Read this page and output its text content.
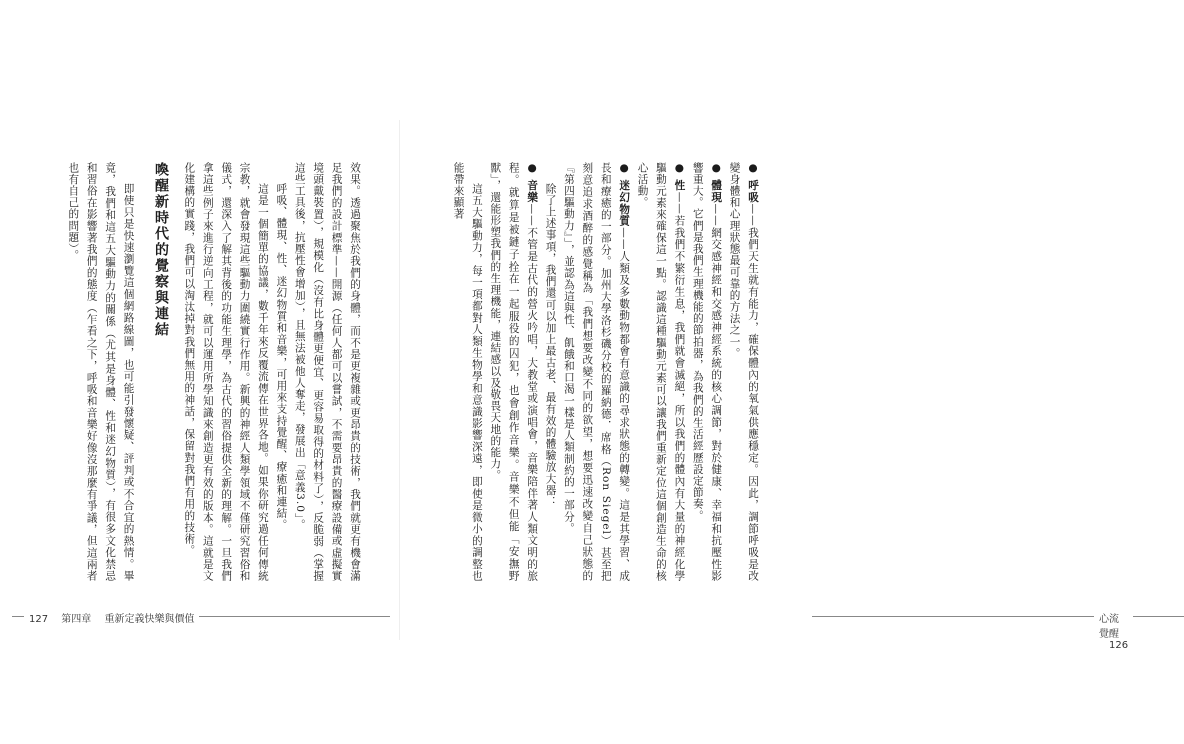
效果。透過聚焦於我們的身體，而不是更複雜或更昂貴的技術，我們就更有機會滿足我們的設計標準——開源（任何人都可以嘗試，不需要昂貴的醫療設備或虛擬實境頭戴裝置），規模化（沒有比身體更便宜、更容易取得的材料了），反脆弱（掌握這些工具後，抗壓性會增加），且無法被他人奪走，發展出「意義3.0」。

呼吸、體現、性、迷幻物質和音樂，可用來支持覺醒、療癒和連結。

這是一個簡單的協議，數千年來反覆流傳在世界各地。如果你研究過任何傳統宗教，就會發現這些驅動力圍繞實行作用。新興的神經人類學領域不僅研究習俗和儀式，還深入了解其背後的功能生理學，為古代的習俗提供全新的理解。一旦我們拿這些例子來進行逆向工程，就可以運用所學知識來創造更有效的版本。這就是文化建構的實踐，我們可以淘汰掉對我們無用的神話，保留對我們有用的技術。

喚醒新時代的覺察與連結

即使只是快速瀏覽這個網路線圖，也可能引發懷疑、評判或不合宜的熱情。畢竟，我們和這五大驅動力的關係（尤其是身體、性和迷幻物質），有很多文化禁忌和習俗在影響著我們的態度（乍看之下，呼吸和音樂好像沒那麼有爭議，但這兩者也有自己的問題）。

127 第四章 重新定義快樂與價值

● 呼吸——我們天生就有能力，確保體內的氧氣供應穩定。因此，調節呼吸是改變身體和心理狀態最可靠的方法之一。

● 體現——網交感神經和交感神經系統的核心調節，對於健康、幸福和抗壓性影響重大。它們是我們生理機能的節拍器，為我們的生活經歷設定節奏。

● 性——若我們不繁衍生息，我們就會滅絕，所以我們的體內有大量的神經化學驅動元素來確保這一點。認識這種驅動元素可以讓我們重新定位這個創造生命的核心活動。

● 迷幻物質——人類及多數動物都會有意識的尋求狀態的轉變。這是其學習、成長和療癒的一部分。加州大學洛杉磯分校的羅納德．席格（Ron Siegel）甚至把刻意追求酒醉的感覺稱為「我們想要改變不同的欲望，想要迅速改變自己狀態的『第四驅動力』」，並認為這與性、飢餓和口渴一樣是人類制約的一部分。

除了上述事項，我們還可以加上最古老、最有效的體驗放大器：

● 音樂——不管是古代的營火吟唱，大教堂或演唱會，音樂陪伴著人類文明的旅程。就算是被鏈子拴在一起服役的囚犯，也會創作音樂。音樂不但能「安撫野獸」，還能形塑我們的生理機能，連結感以及敬畏天地的能力。

這五大驅動力，每一項都對人類生物學和意識影響深遠，即使是微小的調整也能帶來顯著

心流覺醒 126
